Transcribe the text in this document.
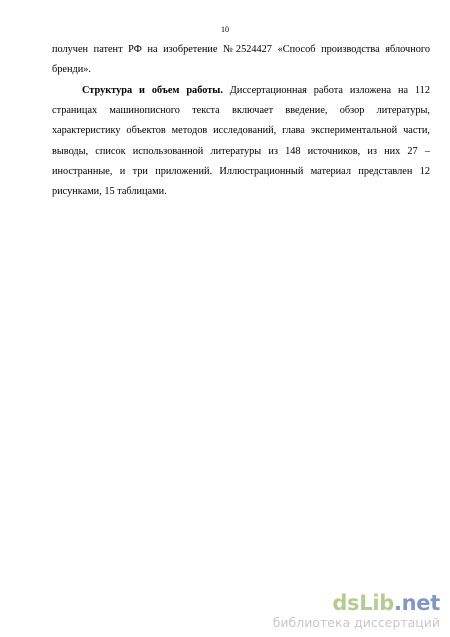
10
получен патент РФ на изобретение №2524427 «Способ производства яблочного
бренди».
Структура и объем работы. Диссертационная работа изложена на 112
страницах машинописного текста включает введение, обзор литературы,
характеристику объектов методов исследований, глава экспериментальной части,
выводы, список использованной литературы из 148 источников, из них 27 –
иностранные, и три приложений. Иллюстрационный материал представлен 12
рисунками, 15 таблицами.
dsLib.net
библиотека диссертаций
